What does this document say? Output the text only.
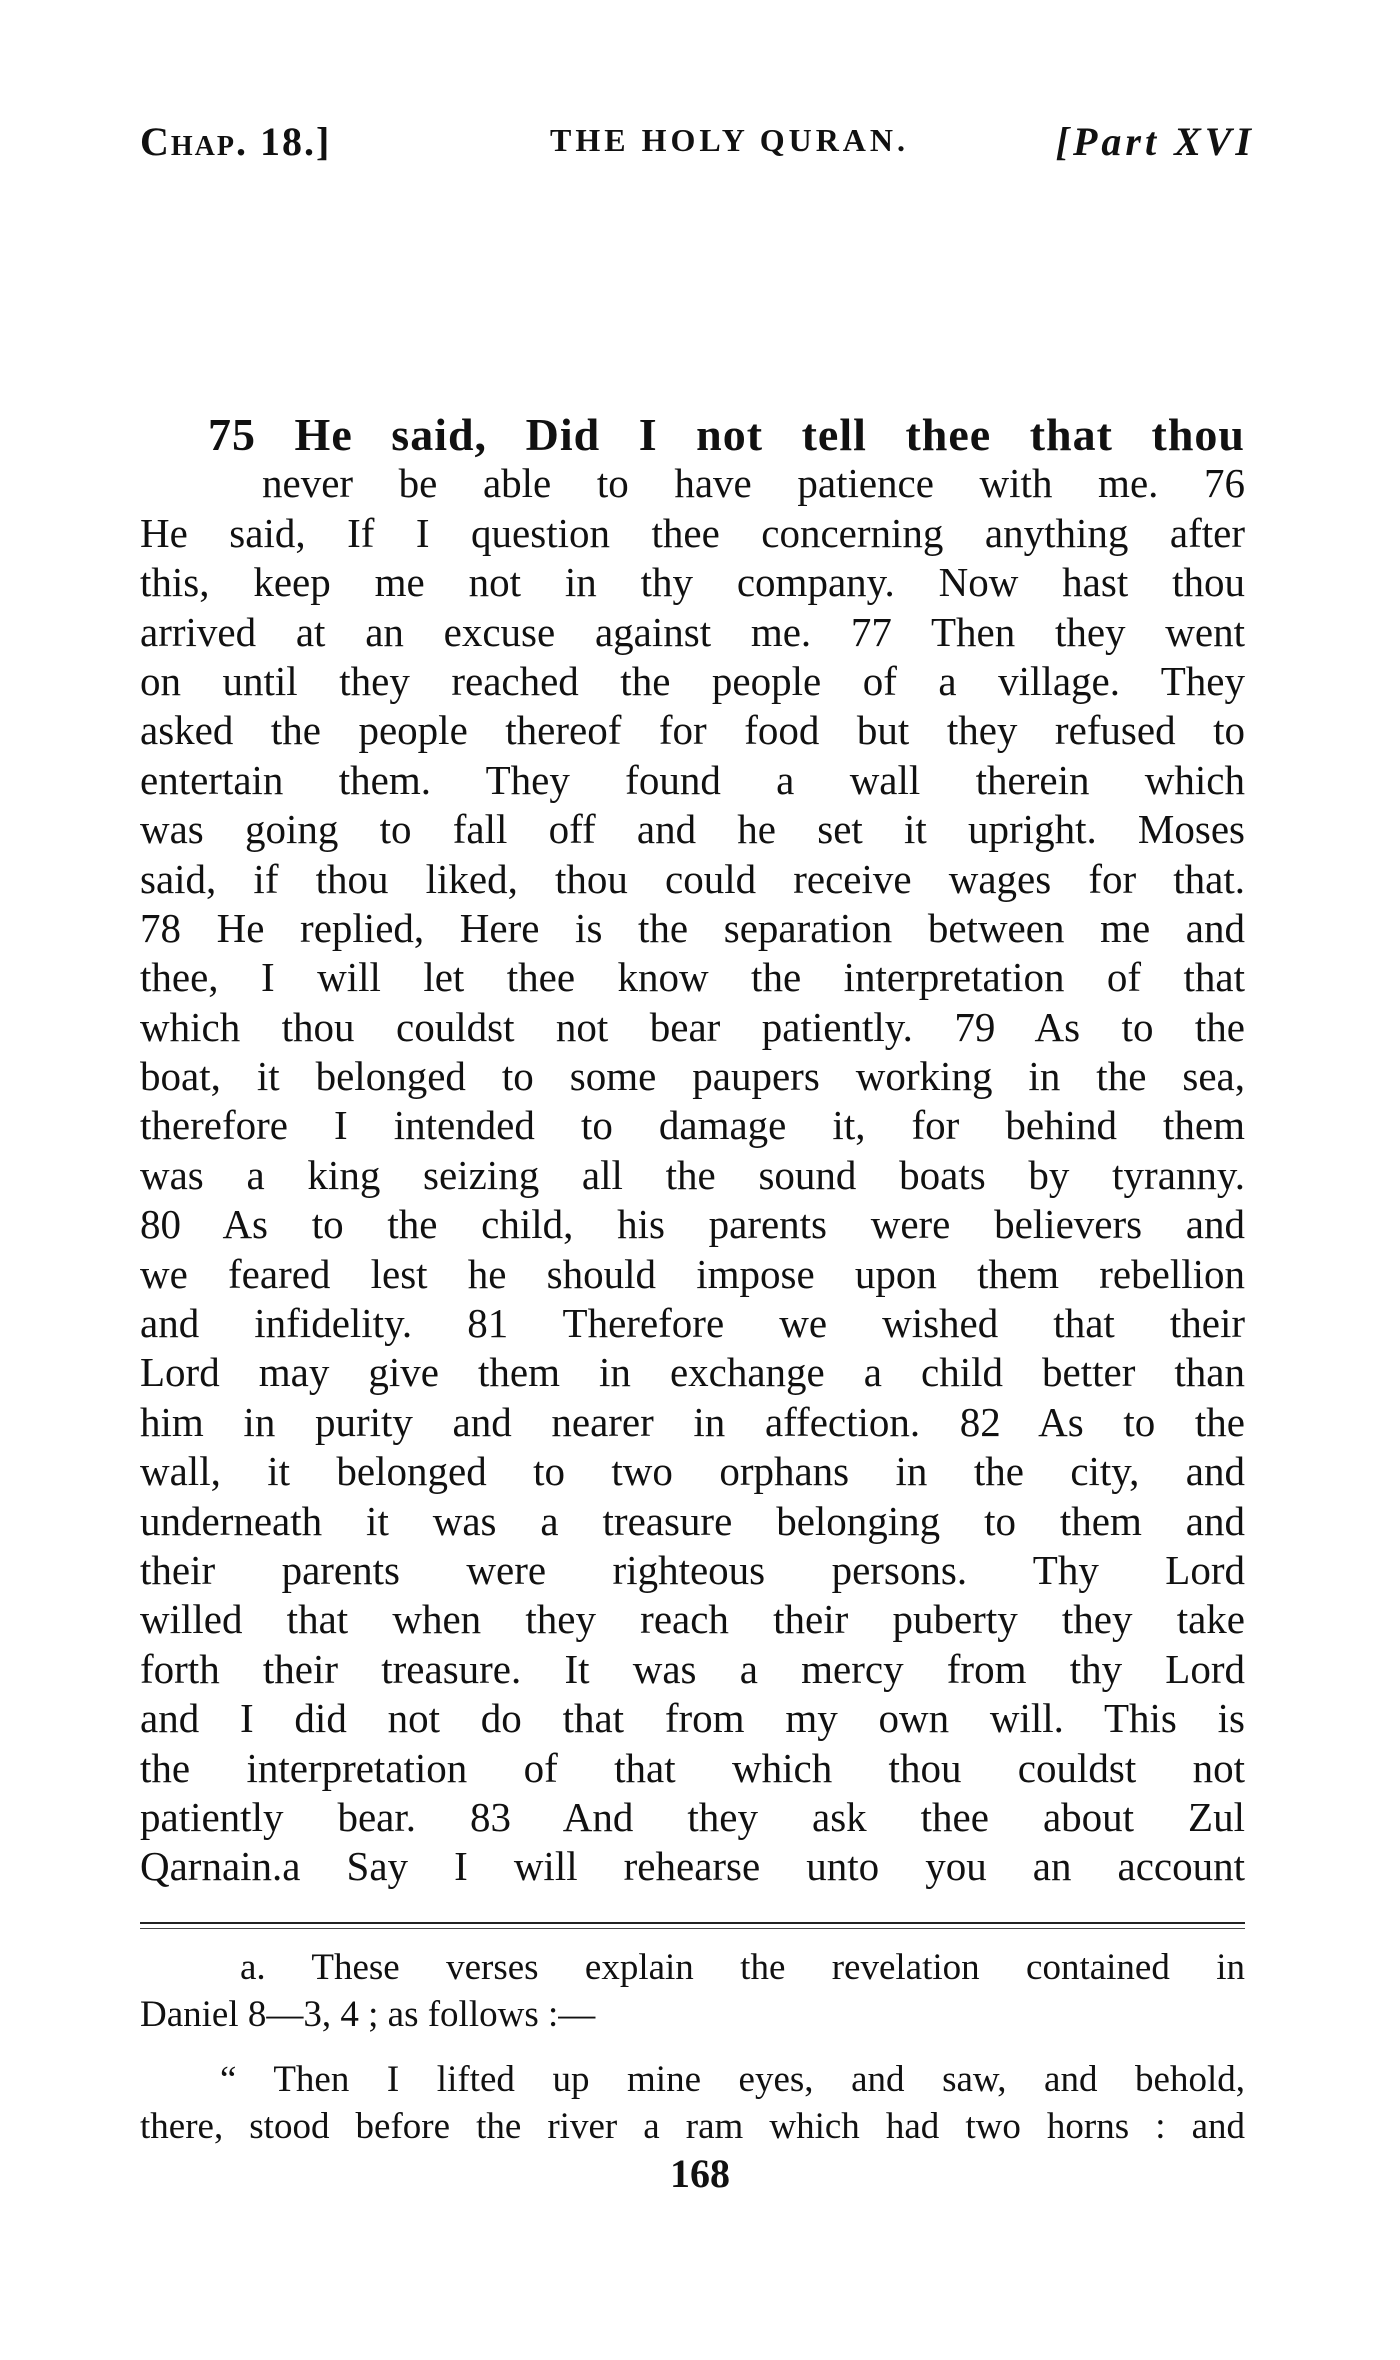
Chap. 18.]	THE HOLY QURAN.	[Part XVI
75 He said, Did I not tell thee that thou
never be able to have patience with me. 76
He said, If I question thee concerning anything after
this, keep me not in thy company. Now hast thou
arrived at an excuse against me. 77 Then they went
on until they reached the people of a village. They
asked the people thereof for food but they refused to
entertain them. They found a wall therein which
was going to fall off and he set it upright. Moses
said, if thou liked, thou could receive wages for that.
78 He replied, Here is the separation between me and
thee, I will let thee know the interpretation of that
which thou couldst not bear patiently. 79 As to the
boat, it belonged to some paupers working in the sea,
therefore I intended to damage it, for behind them
was a king seizing all the sound boats by tyranny.
80 As to the child, his parents were believers and
we feared lest he should impose upon them rebellion
and infidelity. 81 Therefore we wished that their
Lord may give them in exchange a child better than
him in purity and nearer in affection. 82 As to the
wall, it belonged to two orphans in the city, and
underneath it was a treasure belonging to them and
their parents were righteous persons. Thy Lord
willed that when they reach their puberty they take
forth their treasure. It was a mercy from thy Lord
and I did not do that from my own will. This is
the interpretation of that which thou couldst not
patiently bear. 83 And they ask thee about Zul
Qarnain.a Say I will rehearse unto you an account
a. These verses explain the revelation contained in
Daniel 8—3, 4 ; as follows :—
“ Then I lifted up mine eyes, and saw, and behold,
there, stood before the river a ram which had two horns : and
168
